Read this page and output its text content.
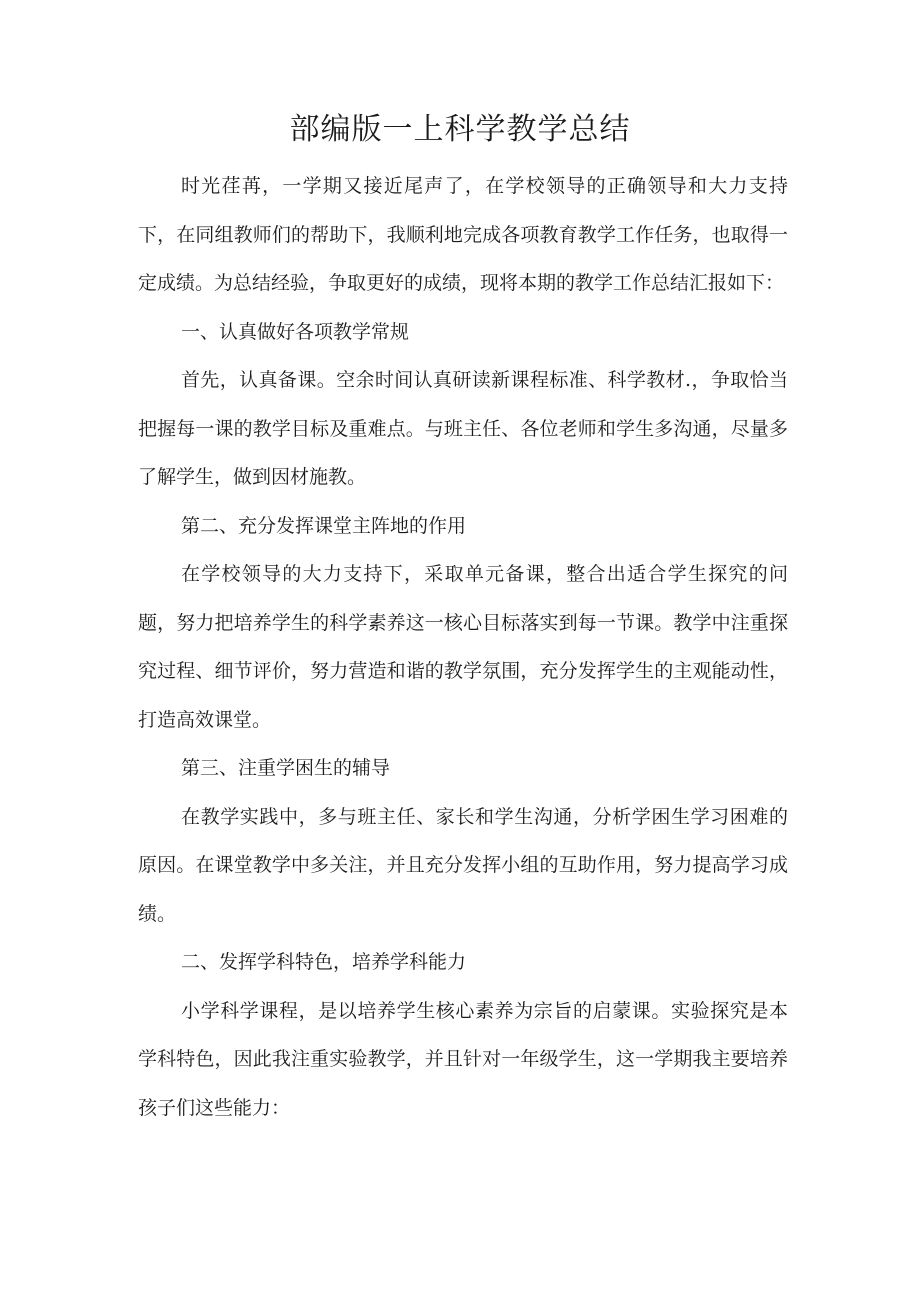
部编版一上科学教学总结

时光荏苒，一学期又接近尾声了，在学校领导的正确领导和大力支持下，在同组教师们的帮助下，我顺利地完成各项教育教学工作任务，也取得一定成绩。为总结经验，争取更好的成绩，现将本期的教学工作总结汇报如下：

一、认真做好各项教学常规

首先，认真备课。空余时间认真研读新课程标准、科学教材.，争取恰当把握每一课的教学目标及重难点。与班主任、各位老师和学生多沟通，尽量多了解学生，做到因材施教。

第二、充分发挥课堂主阵地的作用

在学校领导的大力支持下，采取单元备课，整合出适合学生探究的问题，努力把培养学生的科学素养这一核心目标落实到每一节课。教学中注重探究过程、细节评价，努力营造和谐的教学氛围，充分发挥学生的主观能动性，打造高效课堂。

第三、注重学困生的辅导

在教学实践中，多与班主任、家长和学生沟通，分析学困生学习困难的原因。在课堂教学中多关注，并且充分发挥小组的互助作用，努力提高学习成绩。

二、发挥学科特色，培养学科能力

小学科学课程，是以培养学生核心素养为宗旨的启蒙课。实验探究是本学科特色，因此我注重实验教学，并且针对一年级学生，这一学期我主要培养孩子们这些能力：
